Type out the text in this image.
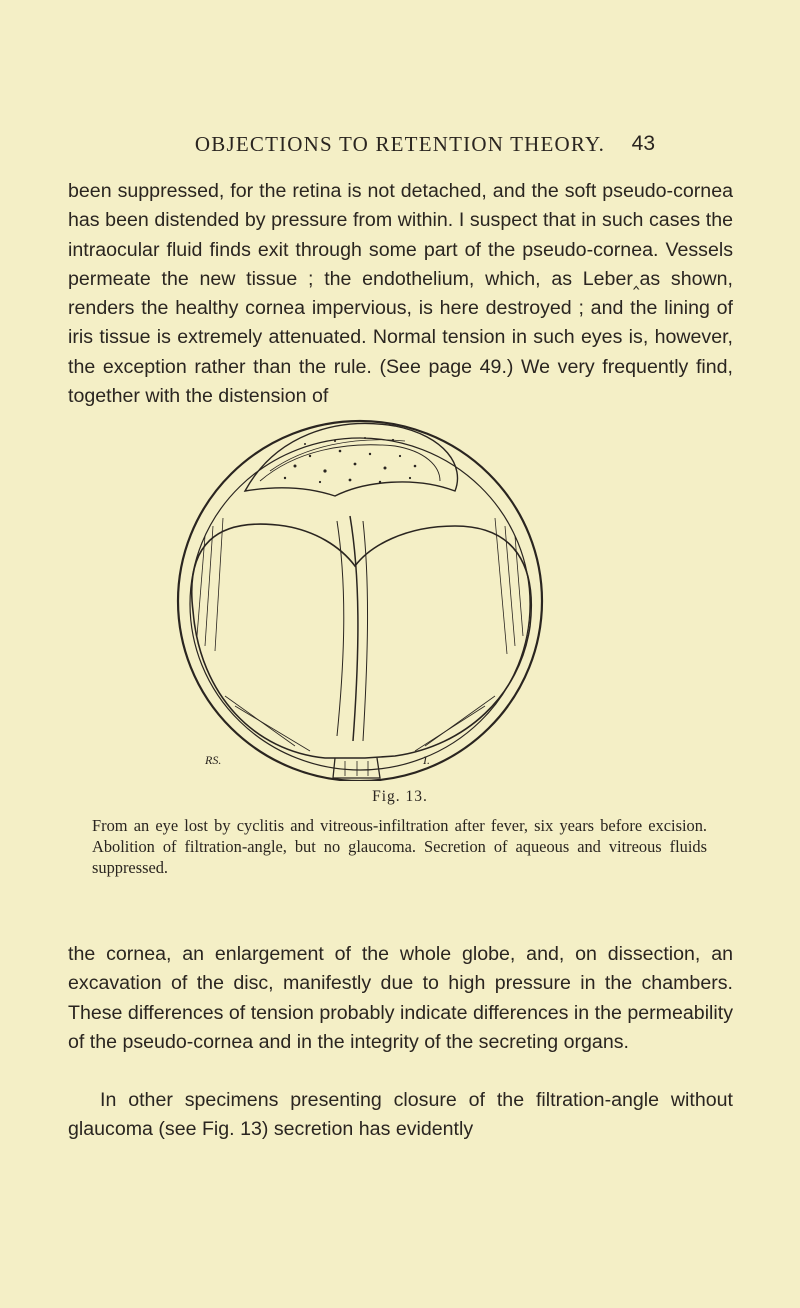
OBJECTIONS TO RETENTION THEORY.	43

been suppressed, for the retina is not detached, and the soft pseudo-cornea has been distended by pressure from within. I suspect that in such cases the intraocular fluid finds exit through some part of the pseudo-cornea. Vessels permeate the new tissue ; the endothelium, which, as Leber‸as shown, renders the healthy cornea impervious, is here destroyed ; and the lining of iris tissue is extremely attenuated. Normal tension in such eyes is, however, the exception rather than the rule. (See page 49.) We very frequently find, together with the distension of

RS.	I.
Fig. 13.

From an eye lost by cyclitis and vitreous-infiltration after fever, six years before excision. Abolition of filtration-angle, but no glaucoma. Secretion of aqueous and vitreous fluids suppressed.

the cornea, an enlargement of the whole globe, and, on dissection, an excavation of the disc, manifestly due to high pressure in the chambers. These differences of tension probably indicate differences in the permeability of the pseudo-cornea and in the integrity of the secreting organs.

In other specimens presenting closure of the filtration-angle without glaucoma (see Fig. 13) secretion has evidently
